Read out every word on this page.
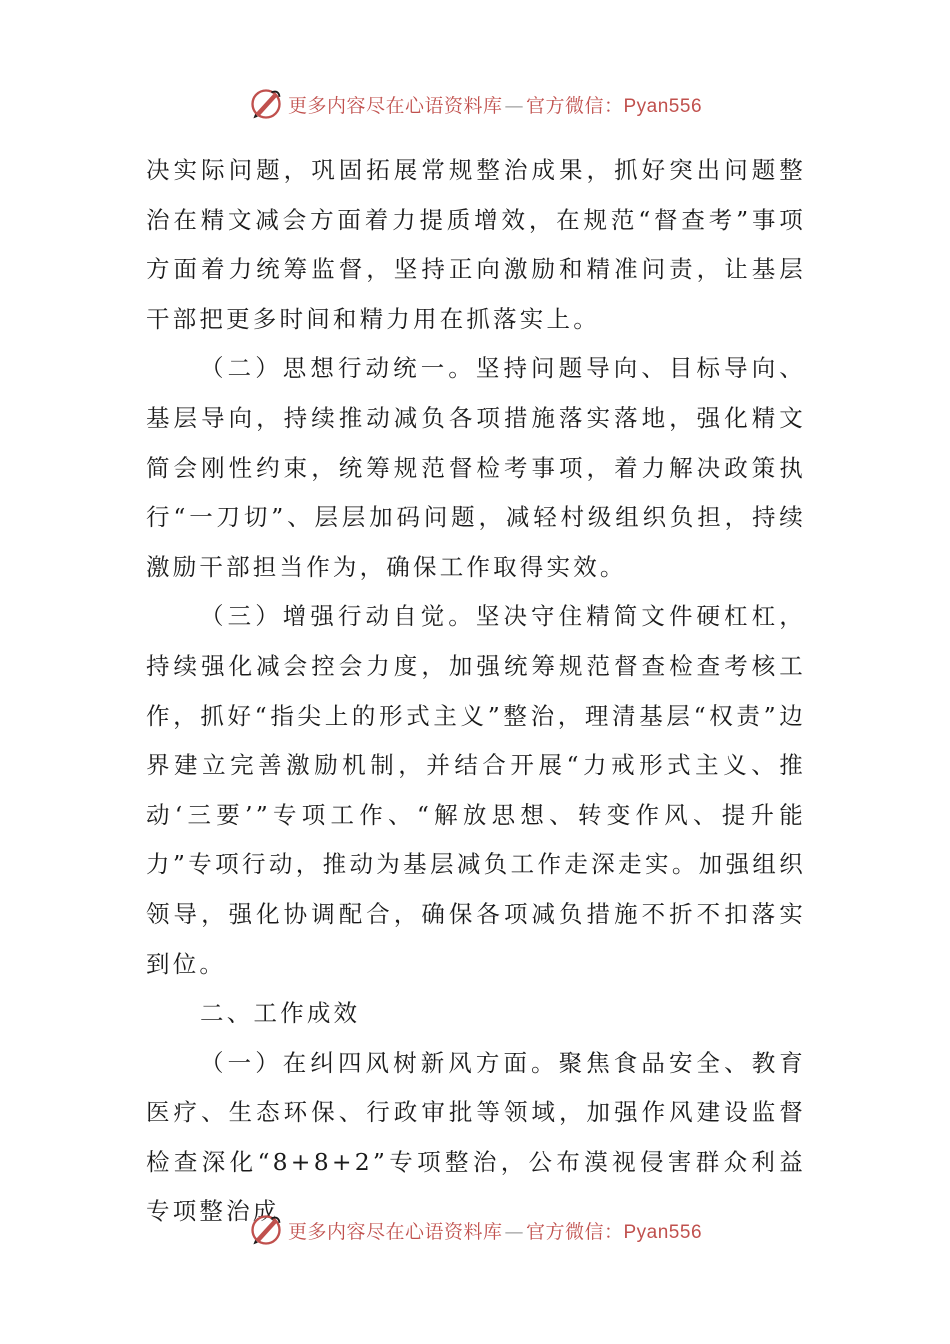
更多内容尽在心语资料库 — 官方微信：Pyan556

决实际问题，巩固拓展常规整治成果，抓好突出问题整治在精文减会方面着力提质增效，在规范“督查考”事项方面着力统筹监督，坚持正向激励和精准问责，让基层干部把更多时间和精力用在抓落实上。

（二）思想行动统一。坚持问题导向、目标导向、基层导向，持续推动减负各项措施落实落地，强化精文简会刚性约束，统筹规范督检考事项，着力解决政策执行“一刀切”、层层加码问题，减轻村级组织负担，持续激励干部担当作为，确保工作取得实效。

（三）增强行动自觉。坚决守住精简文件硬杠杠，持续强化减会控会力度，加强统筹规范督查检查考核工作，抓好“指尖上的形式主义”整治，理清基层“权责”边界建立完善激励机制，并结合开展“力戒形式主义、推动‘三要’”专项工作、“解放思想、转变作风、提升能力”专项行动，推动为基层减负工作走深走实。加强组织领导，强化协调配合，确保各项减负措施不折不扣落实到位。

二、工作成效

（一）在纠四风树新风方面。聚焦食品安全、教育医疗、生态环保、行政审批等领域，加强作风建设监督检查深化“8+8+2”专项整治，公布漠视侵害群众利益专项整治成

更多内容尽在心语资料库 — 官方微信：Pyan556
